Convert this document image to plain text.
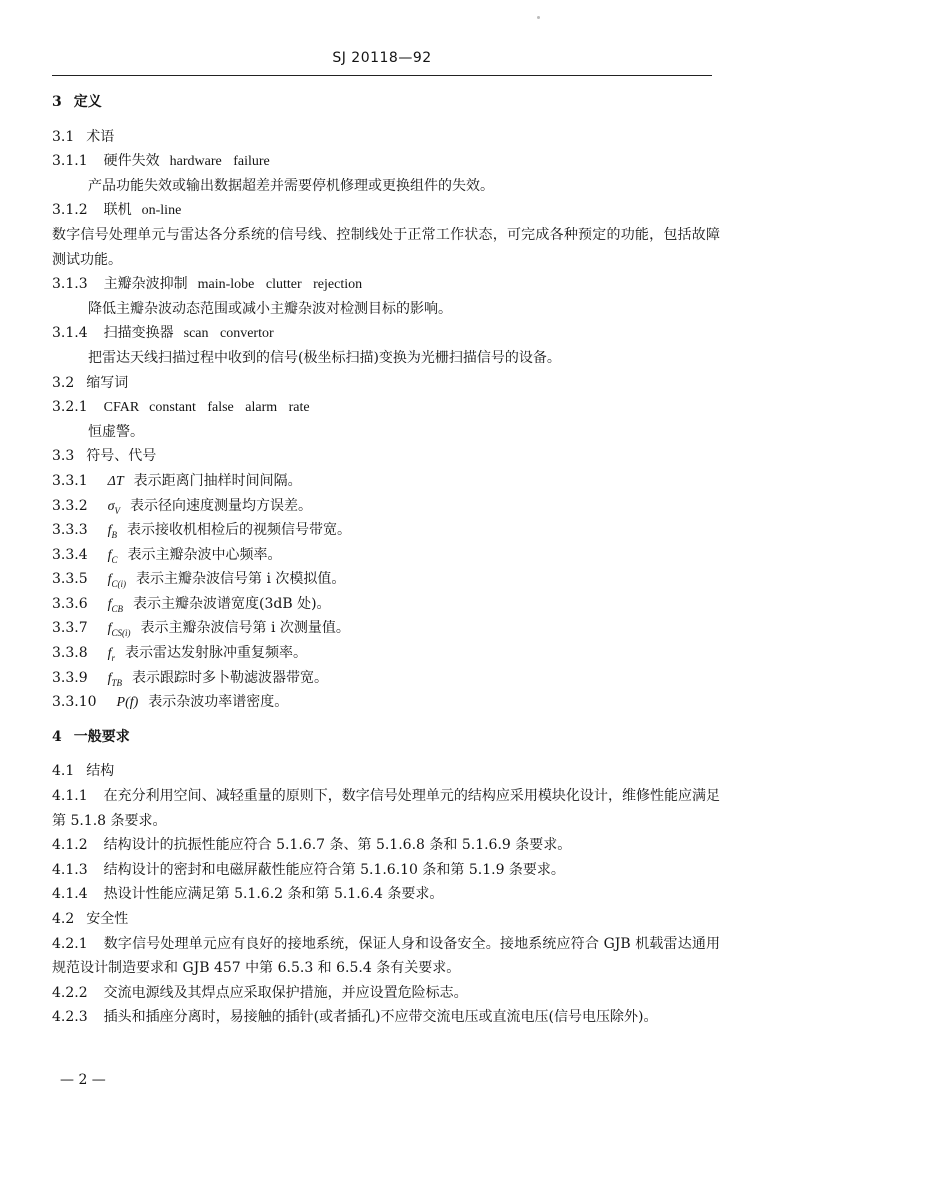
SJ 20118—92
3 定义
3.1 术语
3.1.1 硬件失效 hardware failure
产品功能失效或输出数据超差并需要停机修理或更换组件的失效。
3.1.2 联机 on-line
数字信号处理单元与雷达各分系统的信号线、控制线处于正常工作状态，可完成各种预定的功能，包括故障测试功能。
3.1.3 主瓣杂波抑制 main-lobe clutter rejection
降低主瓣杂波动态范围或减小主瓣杂波对检测目标的影响。
3.1.4 扫描变换器 scan convertor
把雷达天线扫描过程中收到的信号(极坐标扫描)变换为光栅扫描信号的设备。
3.2 缩写词
3.2.1 CFAR constant false alarm rate
恒虚警。
3.3 符号、代号
3.3.1 ΔT 表示距离门抽样时间间隔。
3.3.2 $\sigma_V$ 表示径向速度测量均方误差。
3.3.3 $f_B$ 表示接收机相检后的视频信号带宽。
3.3.4 $f_C$ 表示主瓣杂波中心频率。
3.3.5 $f_{C(i)}$ 表示主瓣杂波信号第 i 次模拟值。
3.3.6 $f_{CB}$ 表示主瓣杂波谱宽度(3dB 处)。
3.3.7 $f_{CS(i)}$ 表示主瓣杂波信号第 i 次测量值。
3.3.8 $f_r$ 表示雷达发射脉冲重复频率。
3.3.9 $f_{TB}$ 表示跟踪时多卜勒滤波器带宽。
3.3.10 P(f) 表示杂波功率谱密度。
4 一般要求
4.1 结构
4.1.1 在充分利用空间、减轻重量的原则下，数字信号处理单元的结构应采用模块化设计，维修性能应满足第 5.1.8 条要求。
4.1.2 结构设计的抗振性能应符合 5.1.6.7 条、第 5.1.6.8 条和 5.1.6.9 条要求。
4.1.3 结构设计的密封和电磁屏蔽性能应符合第 5.1.6.10 条和第 5.1.9 条要求。
4.1.4 热设计性能应满足第 5.1.6.2 条和第 5.1.6.4 条要求。
4.2 安全性
4.2.1 数字信号处理单元应有良好的接地系统，保证人身和设备安全。接地系统应符合 GJB 机载雷达通用规范设计制造要求和 GJB 457 中第 6.5.3 和 6.5.4 条有关要求。
4.2.2 交流电源线及其焊点应采取保护措施，并应设置危险标志。
4.2.3 插头和插座分离时，易接触的插针(或者插孔)不应带交流电压或直流电压(信号电压除外)。
— 2 —
